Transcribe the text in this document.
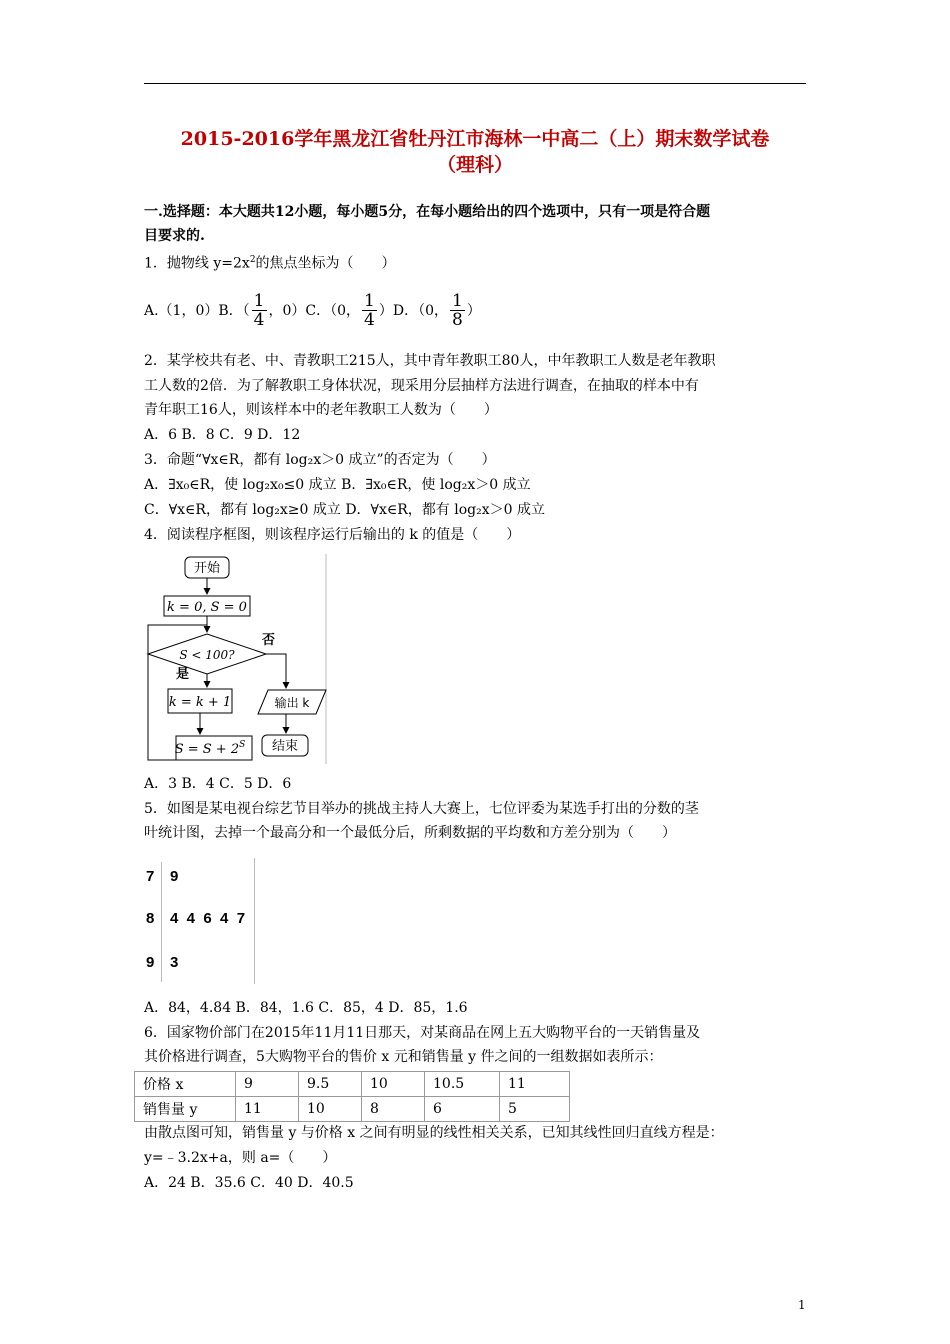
2015-2016学年黑龙江省牡丹江市海林一中高二（上）期末数学试卷
（理科）
一.选择题：本大题共12小题，每小题5分，在每小题给出的四个选项中，只有一项是符合题
目要求的.
1．抛物线 $y=2x^2$的焦点坐标为（　　）
A.（1，0）B．（ $\frac{1}{4}$ ，0）C．（0， $\frac{1}{4} )D$．（0， $\frac{1}{8}$ ）
2．某学校共有老、中、青教职工215人，其中青年教职工80人，中年教职工人数是老年教职
工人数的2倍．为了解教职工身体状况，现采用分层抽样方法进行调查，在抽取的样本中有
青年职工16人，则该样本中的老年教职工人数为（　　）
A．6 B．8 C．9 D．12
3．命题“∀x∈R，都有 log₂x＞0 成立”的否定为（　　）
A．∃x₀∈R，使 log₂x₀≤0 成立 B．∃x₀∈R，使 log₂x＞0 成立
C．∀x∈R，都有 log₂x≥0 成立 D．∀x∈R，都有 log₂x＞0 成立
4．阅读程序框图，则该程序运行后输出的 k 的值是（　　）
开始
k = 0, S = 0
S < 100?
否
是
k = k + 1	输出 k
$S = S + 2^S$ 结束
A．3 B．4 C．5 D．6
5．如图是某电视台综艺节目举办的挑战主持人大赛上，七位评委为某选手打出的分数的茎
叶统计图，去掉一个最高分和一个最低分后，所剩数据的平均数和方差分别为（　　）
7 9
8 4  4  6  4  7
9 3
A．84，4.84 B．84，1.6 C．85，4 D．85，1.6
6．国家物价部门在2015年11月11日那天，对某商品在网上五大购物平台的一天销售量及
其价格进行调查，5大购物平台的售价 x 元和销售量 y 件之间的一组数据如表所示：
价格 x	9	9.5	10	10.5	11
销售量 y	11	10	8	6	5
由散点图可知，销售量 y 与价格 x 之间有明显的线性相关关系，已知其线性回归直线方程是：
y=﹣3.2x+a，则 a=（　　）
A．24 B．35.6 C．40 D．40.5
1
